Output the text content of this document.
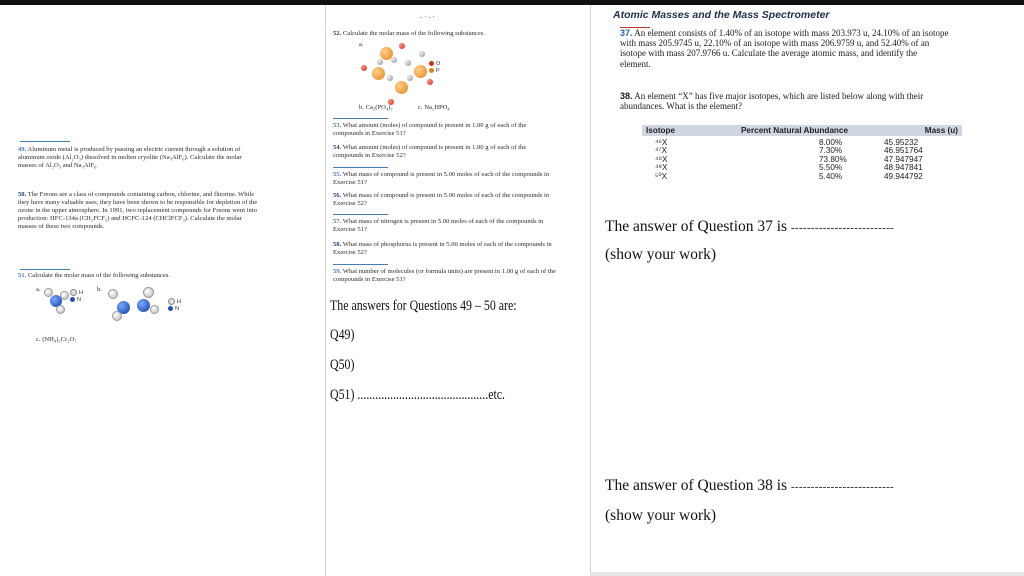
49. Aluminum metal is produced by passing an electric current through a solution of aluminum oxide (Al₂O₃) dissolved in molten cryolite (Na₃AlF₆). Calculate the molar masses of Al₂O₃ and Na₃AlF₆.
50. The Freons are a class of compounds containing carbon, chlorine, and fluorine. While they have many valuable uses, they have been shown to be responsible for depletion of the ozone in the upper atmosphere. In 1991, two replacement compounds for Freons went into production: HFC-134a (CH₂FCF₃) and HCFC-124 (CHClFCF₃). Calculate the molar masses of these two compounds.
51. Calculate the molar mass of the following substances.
a.	H
N
b.
H
N
c. (NH₄)₂Cr₂O₇
- · - ·
52. Calculate the molar mass of the following substances.
a.
O
P
b. Ca₃(PO₄)₂	c. Na₂HPO₄
53. What amount (moles) of compound is present in 1.00 g of each of the compounds in Exercise 51?
54. What amount (moles) of compound is present in 1.00 g of each of the compounds in Exercise 52?
55. What mass of compound is present in 5.00 moles of each of the compounds in Exercise 51?
56. What mass of compound is present in 5.00 moles of each of the compounds in Exercise 52?
57. What mass of nitrogen is present in 5.00 moles of each of the compounds in Exercise 51?
58. What mass of phosphorus is present in 5.00 moles of each of the compounds in Exercise 52?
59. What number of molecules (or formula units) are present in 1.00 g of each of the compounds in Exercise 51?
The answers for Questions 49 – 50 are:
Q49)
Q50)
Q51) ............................................etc.
Atomic Masses and the Mass Spectrometer
37. An element consists of 1.40% of an isotope with mass 203.973 u, 24.10% of an isotope with mass 205.9745 u, 22.10% of an isotope with mass 206.9759 u, and 52.40% of an isotope with mass 207.9766 u. Calculate the average atomic mass, and identify the element.
38. An element “X” has five major isotopes, which are listed below along with their abundances. What is the element?
Isotope	Percent Natural Abundance	Mass (u)

⁴⁶X	8.00%	45.95232
⁴⁷X	7.30%	46.951764
⁴⁸X	73.80%	47.947947
⁴⁹X	5.50%	48.947841
⁵⁰X	5.40%	49.944792
The answer of Question 37 is --------------------------
(show your work)
The answer of Question 38 is --------------------------
(show your work)
